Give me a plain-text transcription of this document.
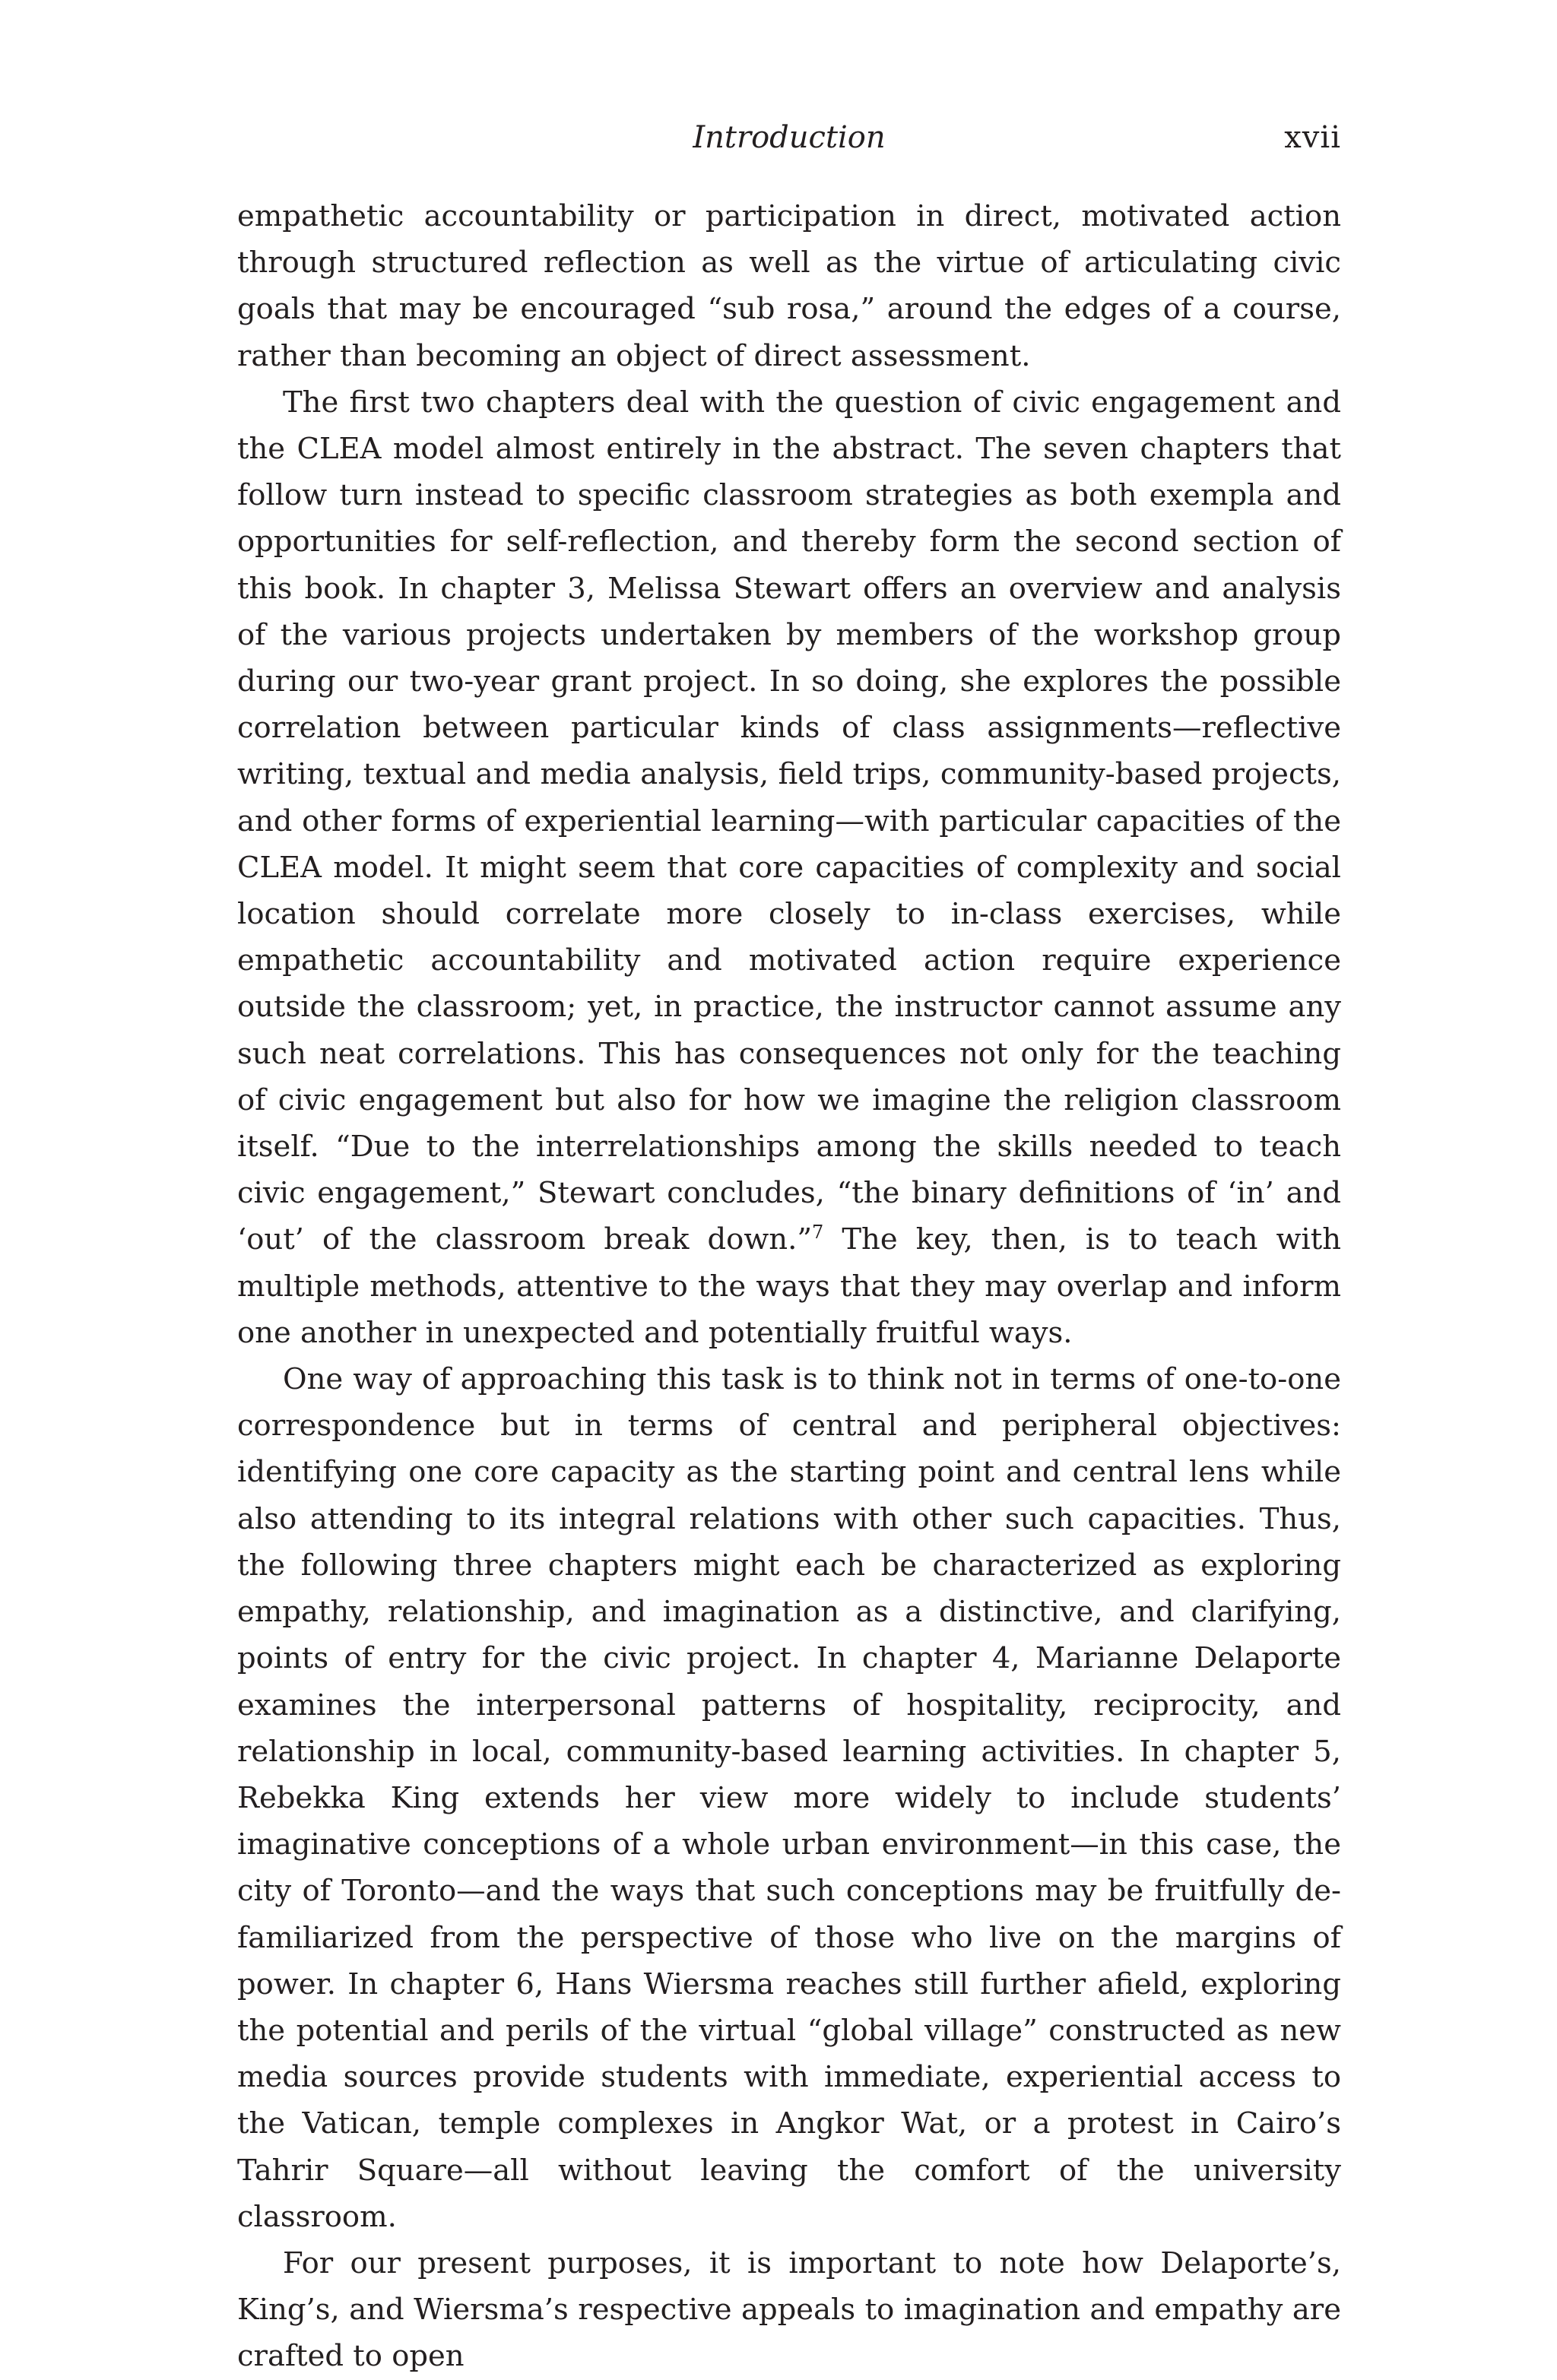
Introduction	xvii

empathetic accountability or participation in direct, motivated action through structured reflection as well as the virtue of articulating civic goals that may be encouraged “sub rosa,” around the edges of a course, rather than becoming an object of direct assessment.

The first two chapters deal with the question of civic engagement and the CLEA model almost entirely in the abstract. The seven chapters that follow turn instead to specific classroom strategies as both exempla and opportunities for self-reflection, and thereby form the second section of this book. In chapter 3, Melissa Stewart offers an overview and analysis of the various projects undertaken by members of the workshop group during our two-year grant project. In so doing, she explores the possible correlation between particular kinds of class assignments—reflective writing, textual and media analysis, field trips, community-based projects, and other forms of experiential learning—with particular capacities of the CLEA model. It might seem that core capacities of complexity and social location should correlate more closely to in-class exercises, while empathetic accountability and motivated action require experience outside the classroom; yet, in practice, the instructor cannot assume any such neat correlations. This has consequences not only for the teaching of civic engagement but also for how we imagine the religion classroom itself. “Due to the interrelationships among the skills needed to teach civic engagement,” Stewart concludes, “the binary definitions of ‘in’ and ‘out’ of the classroom break down.”$^7$ The key, then, is to teach with multiple methods, attentive to the ways that they may overlap and inform one another in unexpected and potentially fruitful ways.

One way of approaching this task is to think not in terms of one-to-one correspondence but in terms of central and peripheral objectives: identifying one core capacity as the starting point and central lens while also attending to its integral relations with other such capacities. Thus, the following three chapters might each be characterized as exploring empathy, relationship, and imagination as a distinctive, and clarifying, points of entry for the civic project. In chapter 4, Marianne Delaporte examines the interpersonal patterns of hospitality, reciprocity, and relationship in local, community-based learning activities. In chapter 5, Rebekka King extends her view more widely to include students’ imaginative conceptions of a whole urban environment—in this case, the city of Toronto—and the ways that such conceptions may be fruitfully de-familiarized from the perspective of those who live on the margins of power. In chapter 6, Hans Wiersma reaches still further afield, exploring the potential and perils of the virtual “global village” constructed as new media sources provide students with immediate, experiential access to the Vatican, temple complexes in Angkor Wat, or a protest in Cairo’s Tahrir Square—all without leaving the comfort of the university classroom.

For our present purposes, it is important to note how Delaporte’s, King’s, and Wiersma’s respective appeals to imagination and empathy are crafted to open
